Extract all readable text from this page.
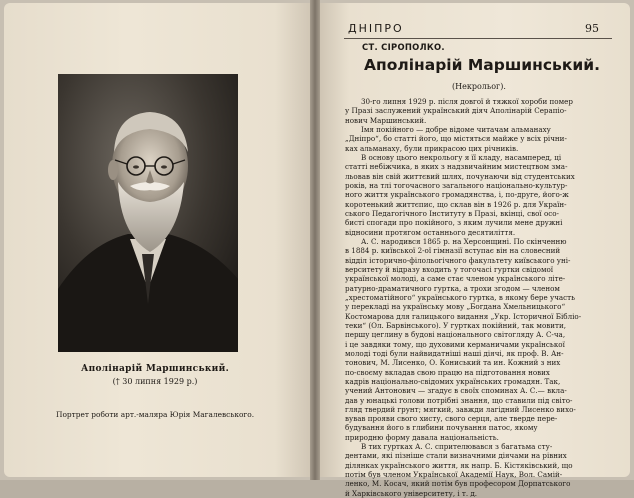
Аполінарій Маршинський.
(† 30 липня 1929 р.)
Портрет роботи арт.-маляра Юрія Магалевського.
ДНІПРО	95
СТ. СІРОПОЛКО.
Аполінарій Маршинський.
(Некрольог).
30-го липня 1929 р. після довгої й тяжкої хороби помер
у Празі заслужений український діяч Аполінарій Серапіо-
нович Маршинський.
Імя покійного — добре відоме читачам альманаху
„Дніпро“, бо статті його, що містяться майже у всіх річни-
ках альманаху, були прикрасою цих річників.
В основу цього некрольогу я її кладу, насамперед, ці
статті небіжчика, в яких з надзвичайним мистецтвом зма-
льовав він свій життєвий шлях, почунаючи від студентських
років, на тлі тогочасного загального національно-культур-
ного життя українського громадянства, і, по-друге, його-ж
коротенький життєпис, що склав він в 1926 р. для Україн-
ського Педагогічного Інституту в Празі, вкінці, свої осо-
бисті спогади про покійного, з яким лучили мене дружні
відносини протягом останнього десятиліття.
А. С. народився 1865 р. на Херсонщині. По скінченню
в 1884 р. київської 2-ої гімназії вступає він на словесний
відділ історично-філольогічного факультету київського уні-
верситету й відразу входить у тогочасі гуртки свідомої
української молоді, а саме стає членом українського літе-
ратурно-драматичного гуртка, а трохи згодом — членом
„хрестоматійного“ українського гуртка, в якому бере участь
у перекладі на українську мову „Богдана Хмельницького“
Костомарова для галицького видання „Укр. Історичної Бібліо-
теки“ (Ол. Барвінського). У гуртках покійний, так мовити,
першу цеглину в будові національного світогляду А. С-ча,
і це завдяки тому, що духовими керманичами української
молоді тоді були найвидатніші наші діячі, як проф. В. Ан-
тонович, М. Лисенко, О. Кониський та ин. Кожний з них
по-своєму вкладав свою працю на підготовання нових
кадрів національно-свідомих українських громадян. Так,
учений Антонович — згадує в своїх споминах А. С.— вкла-
дав у юнацькі голови потрібні знання, що ставили під світо-
гляд твердий грунт; мягкий, завжди лагідний Лисенко вихо-
вував прояви свого хисту, свого серця, але тверде пере-
будування його в глибини почування патос, якому
природню форму давала національність.
В тих гуртках А. С. спрителювався з багатьма сту-
дентами, які пізніше стали визначними діячами на рівних
ділянках українського життя, як напр. Б. Кістяківський, що
потім був членом Української Академії Наук, Вол. Самій-
ленко, М. Косач, який потім був професором Дорпатського
й Харківського університету, і т. д.
